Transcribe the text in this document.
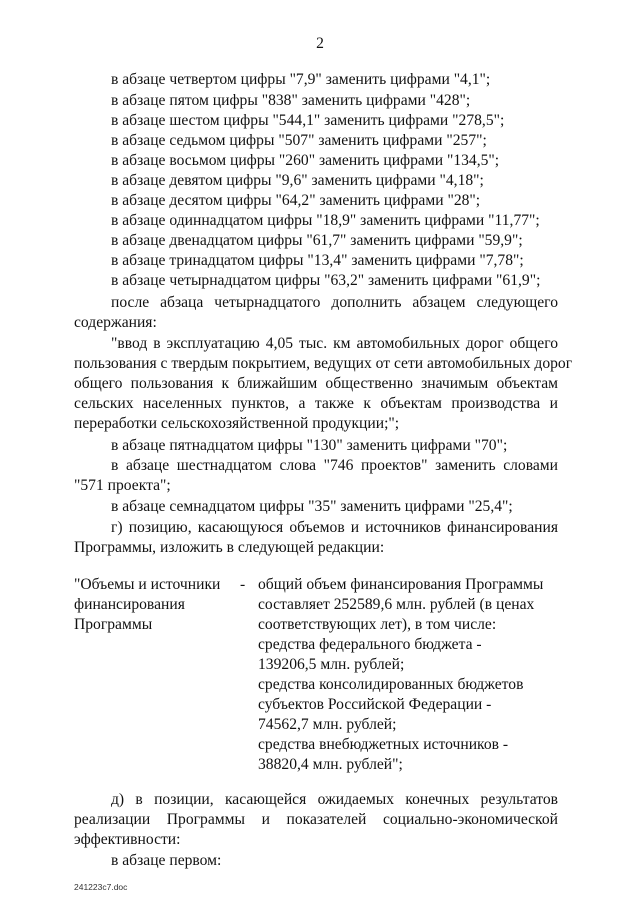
2
в абзаце четвертом цифры "7,9" заменить цифрами "4,1";
в абзаце пятом цифры "838" заменить цифрами "428";
в абзаце шестом цифры "544,1" заменить цифрами "278,5";
в абзаце седьмом цифры "507" заменить цифрами "257";
в абзаце восьмом цифры "260" заменить цифрами "134,5";
в абзаце девятом цифры "9,6" заменить цифрами "4,18";
в абзаце десятом цифры "64,2" заменить цифрами "28";
в абзаце одиннадцатом цифры "18,9" заменить цифрами "11,77";
в абзаце двенадцатом цифры "61,7" заменить цифрами "59,9";
в абзаце тринадцатом цифры "13,4" заменить цифрами "7,78";
в абзаце четырнадцатом цифры "63,2" заменить цифрами "61,9";
после абзаца четырнадцатого дополнить абзацем следующего
содержания:
"ввод в эксплуатацию 4,05 тыс. км автомобильных дорог общего
пользования с твердым покрытием, ведущих от сети автомобильных дорог
общего пользования к ближайшим общественно значимым объектам
сельских населенных пунктов, а также к объектам производства и
переработки сельскохозяйственной продукции;";
в абзаце пятнадцатом цифры "130" заменить цифрами "70";
в абзаце шестнадцатом слова "746 проектов" заменить словами
"571 проекта";
в абзаце семнадцатом цифры "35" заменить цифрами "25,4";
г) позицию, касающуюся объемов и источников финансирования
Программы, изложить в следующей редакции:
"Объемы и источники
финансирования
Программы
- общий объем финансирования Программы
составляет 252589,6 млн. рублей (в ценах
соответствующих лет), в том числе:
средства федерального бюджета -
139206,5 млн. рублей;
средства консолидированных бюджетов
субъектов Российской Федерации -
74562,7 млн. рублей;
средства внебюджетных источников -
38820,4 млн. рублей";
д) в позиции, касающейся ожидаемых конечных результатов
реализации Программы и показателей социально-экономической
эффективности:
в абзаце первом:
241223c7.doc
